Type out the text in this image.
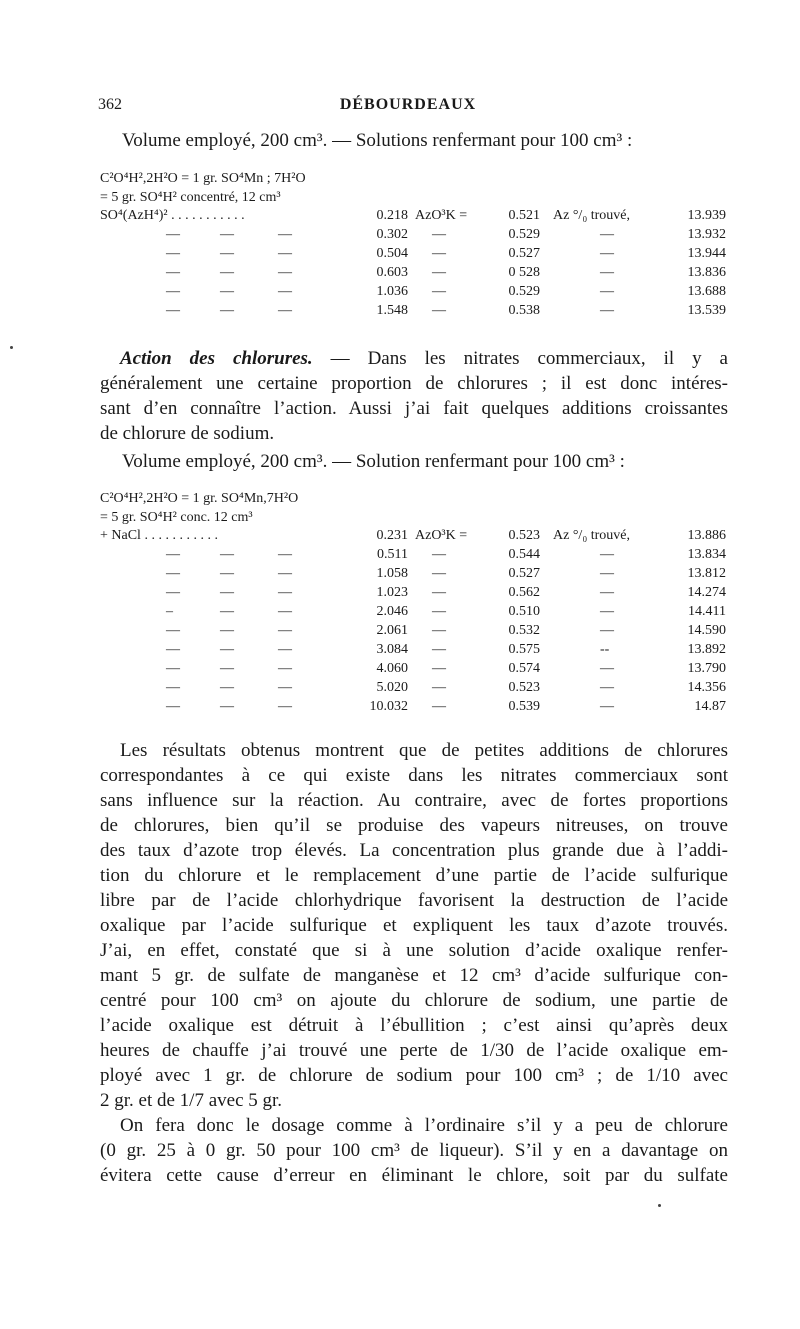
362	DÉBOURDEAUX
Volume employé, 200 cm³. — Solutions renfermant pour 100 cm³ :
C²O⁴H²,2H²O = 1 gr. SO⁴Mn ; 7H²O
= 5 gr. SO⁴H² concentré, 12 cm³
SO⁴(AzH⁴)² . . . . . . . . . . .	0.218 AzO³K =	0.521 Az °/₀ trouvé,	13.939
—	—	—	0.302 —	0.529	—	13.932
—	—	—	0.504 —	0.527	—	13.944
—	—	—	0.603 —	0 528	—	13.836
—	—	—	1.036 —	0.529	—	13.688
—	—	—	1.548 —	0.538	—	13.539
Action des chlorures. — Dans les nitrates commerciaux, il y a
généralement une certaine proportion de chlorures ; il est donc intéres-
sant d’en connaître l’action. Aussi j’ai fait quelques additions croissantes
de chlorure de sodium.
Volume employé, 200 cm³. — Solution renfermant pour 100 cm³ :
C²O⁴H²,2H²O = 1 gr. SO⁴Mn,7H²O
= 5 gr. SO⁴H² conc. 12 cm³
+ NaCl . . . . . . . . . . .	0.231 AzO³K =	0.523 Az °/₀ trouvé,	13.886
—	—	—	0.511 —	0.544	—	13.834
—	—	—	1.058 —	0.527	—	13.812
—	—	—	1.023 —	0.562	—	14.274
–	—	—	2.046 —	0.510	—	14.411
—	—	—	2.061 —	0.532	—	14.590
—	—	—	3.084 —	0.575	--	13.892
—	—	—	4.060 —	0.574	—	13.790
—	—	—	5.020 —	0.523	—	14.356
—	—	—	10.032 —	0.539	—	14.87
Les résultats obtenus montrent que de petites additions de chlorures
correspondantes à ce qui existe dans les nitrates commerciaux sont
sans influence sur la réaction. Au contraire, avec de fortes proportions
de chlorures, bien qu’il se produise des vapeurs nitreuses, on trouve
des taux d’azote trop élevés. La concentration plus grande due à l’addi-
tion du chlorure et le remplacement d’une partie de l’acide sulfurique
libre par de l’acide chlorhydrique favorisent la destruction de l’acide
oxalique par l’acide sulfurique et expliquent les taux d’azote trouvés.
J’ai, en effet, constaté que si à une solution d’acide oxalique renfer-
mant 5 gr. de sulfate de manganèse et 12 cm³ d’acide sulfurique con-
centré pour 100 cm³ on ajoute du chlorure de sodium, une partie de
l’acide oxalique est détruit à l’ébullition ; c’est ainsi qu’après deux
heures de chauffe j’ai trouvé une perte de 1/30 de l’acide oxalique em-
ployé avec 1 gr. de chlorure de sodium pour 100 cm³ ; de 1/10 avec
2 gr. et de 1/7 avec 5 gr.
On fera donc le dosage comme à l’ordinaire s’il y a peu de chlorure
(0 gr. 25 à 0 gr. 50 pour 100 cm³ de liqueur). S’il y en a davantage on
évitera cette cause d’erreur en éliminant le chlore, soit par du sulfate
